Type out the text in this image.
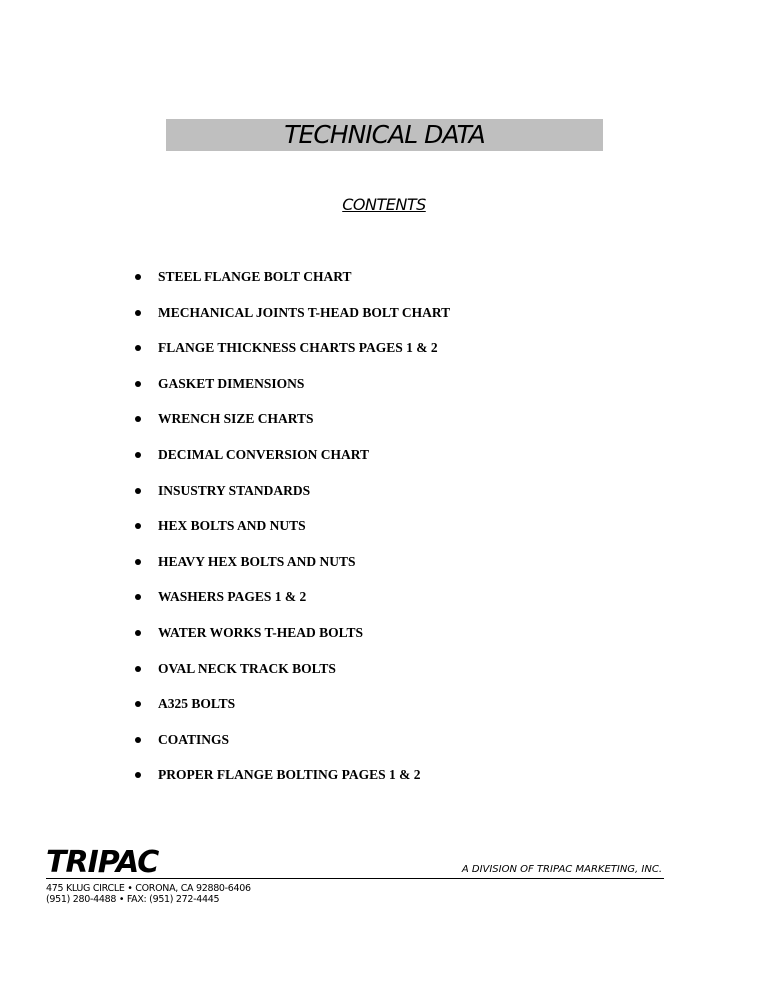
TECHNICAL DATA
CONTENTS
STEEL FLANGE BOLT CHART
MECHANICAL JOINTS T-HEAD BOLT CHART
FLANGE THICKNESS CHARTS PAGES 1 & 2
GASKET DIMENSIONS
WRENCH SIZE CHARTS
DECIMAL CONVERSION CHART
INSUSTRY STANDARDS
HEX BOLTS AND NUTS
HEAVY HEX BOLTS AND NUTS
WASHERS PAGES 1 & 2
WATER WORKS T-HEAD BOLTS
OVAL NECK TRACK BOLTS
A325 BOLTS
COATINGS
PROPER FLANGE BOLTING PAGES 1 & 2
TRIPAC	A DIVISION OF TRIPAC MARKETING, INC.
475 KLUG CIRCLE • CORONA, CA 92880-6406
(951) 280-4488 • FAX: (951) 272-4445
